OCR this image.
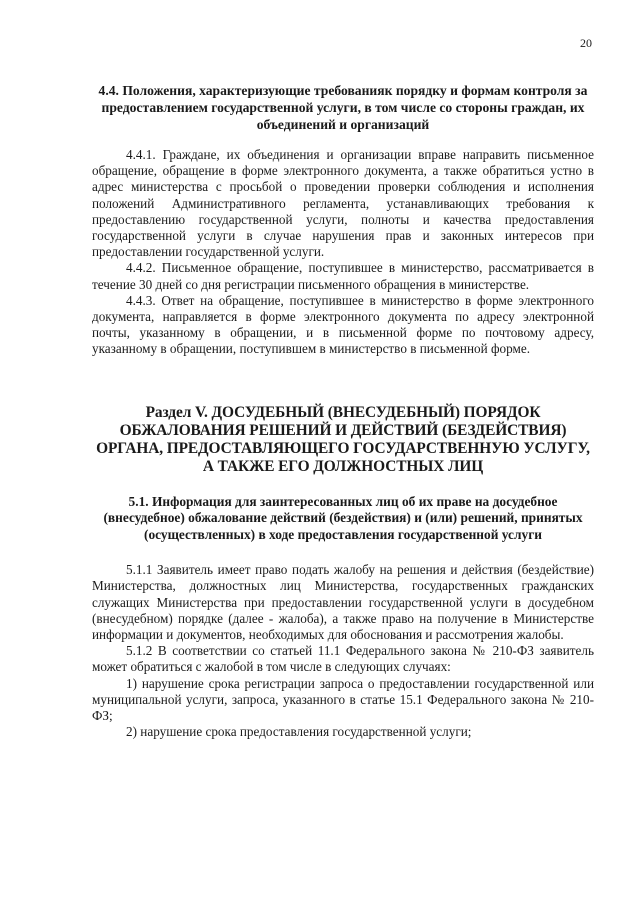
20
4.4. Положения, характеризующие требованияк порядку и формам контроля за предоставлением государственной услуги, в том числе со стороны граждан, их объединений и организаций

4.4.1. Граждане, их объединения и организации вправе направить письменное обращение, обращение в форме электронного документа, а также обратиться устно в адрес министерства с просьбой о проведении проверки соблюдения и исполнения положений Административного регламента, устанавливающих требования к предоставлению государственной услуги, полноты и качества предоставления государственной услуги в случае нарушения прав и законных интересов при предоставлении государственной услуги.

4.4.2. Письменное обращение, поступившее в министерство, рассматривается в течение 30 дней со дня регистрации письменного обращения в министерстве.

4.4.3. Ответ на обращение, поступившее в министерство в форме электронного документа, направляется в форме электронного документа по адресу электронной почты, указанному в обращении, и в письменной форме по почтовому адресу, указанному в обращении, поступившем в министерство в письменной форме.

Раздел V. ДОСУДЕБНЫЙ (ВНЕСУДЕБНЫЙ) ПОРЯДОК ОБЖАЛОВАНИЯ РЕШЕНИЙ И ДЕЙСТВИЙ (БЕЗДЕЙСТВИЯ) ОРГАНА, ПРЕДОСТАВЛЯЮЩЕГО ГОСУДАРСТВЕННУЮ УСЛУГУ, А ТАКЖЕ ЕГО ДОЛЖНОСТНЫХ ЛИЦ
5.1. Информация для заинтересованных лиц об их праве на досудебное (внесудебное) обжалование действий (бездействия) и (или) решений, принятых (осуществленных) в ходе предоставления государственной услуги

5.1.1 Заявитель имеет право подать жалобу на решения и действия (бездействие) Министерства, должностных лиц Министерства, государственных гражданских служащих Министерства при предоставлении государственной услуги в досудебном (внесудебном) порядке (далее - жалоба), а также право на получение в Министерстве информации и документов, необходимых для обоснования и рассмотрения жалобы.

5.1.2 В соответствии со статьей 11.1 Федерального закона № 210-ФЗ заявитель может обратиться с жалобой в том числе в следующих случаях:

1) нарушение срока регистрации запроса о предоставлении государственной или муниципальной услуги, запроса, указанного в статье 15.1 Федерального закона № 210-ФЗ;

2) нарушение срока предоставления государственной услуги;
